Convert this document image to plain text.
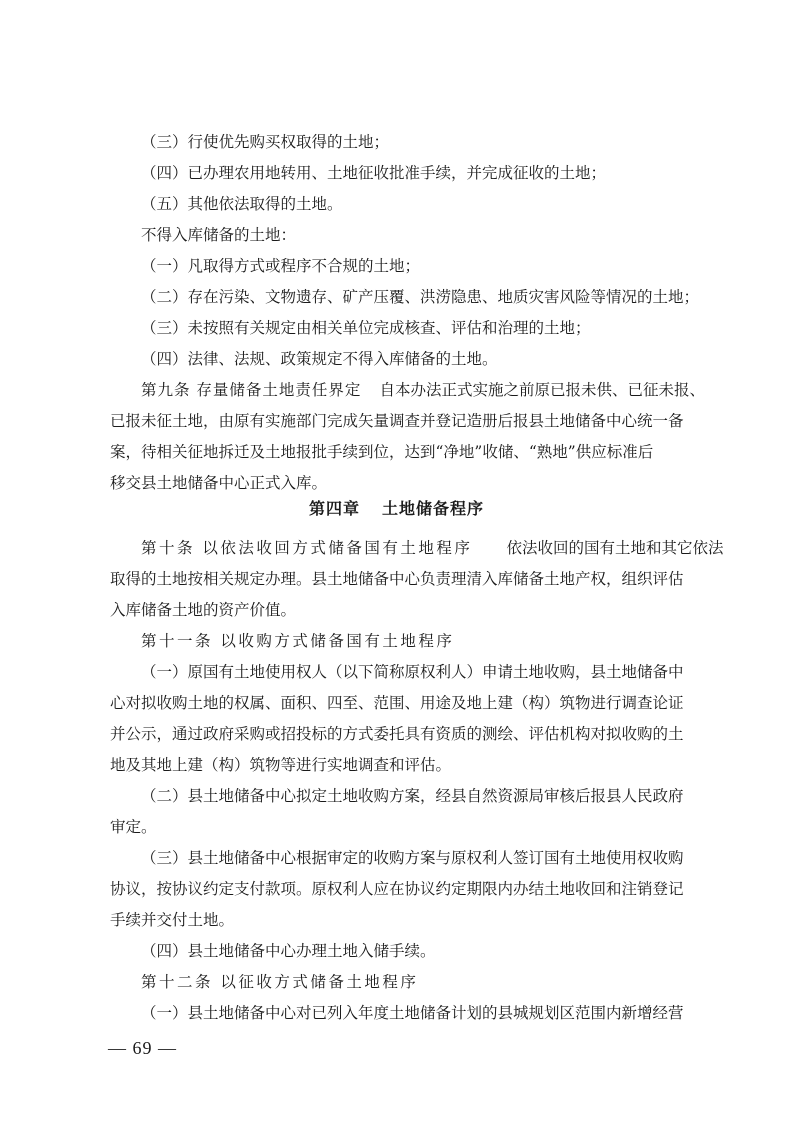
（三）行使优先购买权取得的土地；
（四）已办理农用地转用、土地征收批准手续，并完成征收的土地；
（五）其他依法取得的土地。
不得入库储备的土地：
（一）凡取得方式或程序不合规的土地；
（二）存在污染、文物遗存、矿产压覆、洪涝隐患、地质灾害风险等情况的土地；
（三）未按照有关规定由相关单位完成核查、评估和治理的土地；
（四）法律、法规、政策规定不得入库储备的土地。
第九条 存量储备土地责任界定 自本办法正式实施之前原已报未供、已征未报、
已报未征土地，由原有实施部门完成矢量调查并登记造册后报县土地储备中心统一备
案，待相关征地拆迁及土地报批手续到位，达到“净地”收储、“熟地”供应标准后
移交县土地储备中心正式入库。
第四章 土地储备程序
第十条 以依法收回方式储备国有土地程序 依法收回的国有土地和其它依法
取得的土地按相关规定办理。县土地储备中心负责理清入库储备土地产权，组织评估
入库储备土地的资产价值。
第十一条 以收购方式储备国有土地程序
（一）原国有土地使用权人（以下简称原权利人）申请土地收购，县土地储备中
心对拟收购土地的权属、面积、四至、范围、用途及地上建（构）筑物进行调查论证
并公示，通过政府采购或招投标的方式委托具有资质的测绘、评估机构对拟收购的土
地及其地上建（构）筑物等进行实地调查和评估。
（二）县土地储备中心拟定土地收购方案，经县自然资源局审核后报县人民政府
审定。
（三）县土地储备中心根据审定的收购方案与原权利人签订国有土地使用权收购
协议，按协议约定支付款项。原权利人应在协议约定期限内办结土地收回和注销登记
手续并交付土地。
（四）县土地储备中心办理土地入储手续。
第十二条 以征收方式储备土地程序
（一）县土地储备中心对已列入年度土地储备计划的县城规划区范围内新增经营
— 69 —
